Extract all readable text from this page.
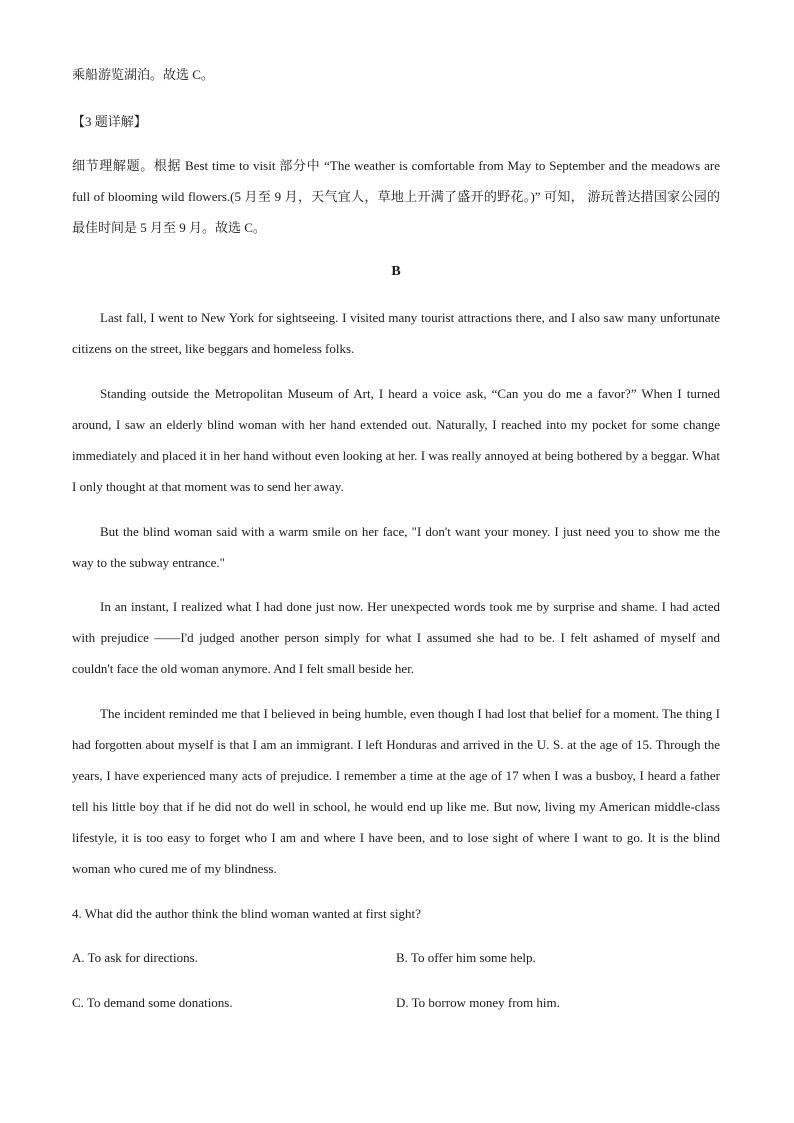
乘船游览湖泊。故选 C。
【3 题详解】

细节理解题。根据 Best time to visit 部分中 “The weather is comfortable from May to September and the meadows are full of blooming wild flowers.(5 月至 9 月，天气宜人，草地上开满了盛开的野花。)” 可知， 游玩普达措国家公园的最佳时间是 5 月至 9 月。故选 C。

B

Last fall, I went to New York for sightseeing. I visited many tourist attractions there, and I also saw many unfortunate citizens on the street, like beggars and homeless folks.

Standing outside the Metropolitan Museum of Art, I heard a voice ask, “Can you do me a favor?” When I turned around, I saw an elderly blind woman with her hand extended out. Naturally, I reached into my pocket for some change immediately and placed it in her hand without even looking at her. I was really annoyed at being bothered by a beggar. What I only thought at that moment was to send her away.

But the blind woman said with a warm smile on her face, "I don't want your money. I just need you to show me the way to the subway entrance."

In an instant, I realized what I had done just now. Her unexpected words took me by surprise and shame. I had acted with prejudice ——I'd judged another person simply for what I assumed she had to be. I felt ashamed of myself and couldn't face the old woman anymore. And I felt small beside her.

The incident reminded me that I believed in being humble, even though I had lost that belief for a moment. The thing I had forgotten about myself is that I am an immigrant. I left Honduras and arrived in the U. S. at the age of 15. Through the years, I have experienced many acts of prejudice. I remember a time at the age of 17 when I was a busboy, I heard a father tell his little boy that if he did not do well in school, he would end up like me. But now, living my American middle-class lifestyle, it is too easy to forget who I am and where I have been, and to lose sight of where I want to go. It is the blind woman who cured me of my blindness.

4. What did the author think the blind woman wanted at first sight?
A. To ask for directions.	B. To offer him some help.
C. To demand some donations.	D. To borrow money from him.
